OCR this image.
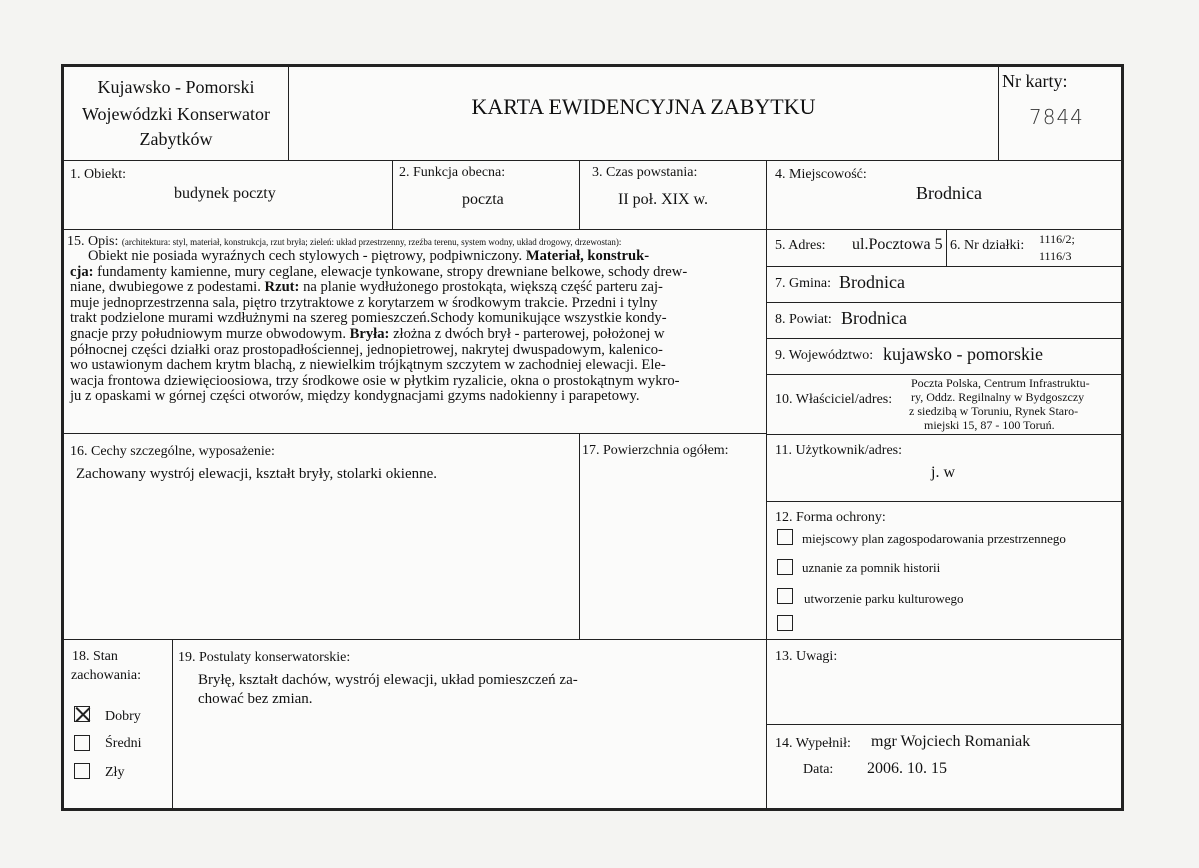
Kujawsko - Pomorski
Wojewódzki Konserwator
Zabytków
KARTA EWIDENCYJNA ZABYTKU
Nr karty:
7844
1. Obiekt:
budynek poczty
2. Funkcja obecna:
poczta
3. Czas powstania:
II poł. XIX w.
4. Miejscowość:
Brodnica
15. Opis: (architektura: styl, materiał, konstrukcja, rzut bryła; zieleń: układ przestrzenny, rzeźba terenu, system wodny, układ drogowy, drzewostan):
Obiekt nie posiada wyraźnych cech stylowych - piętrowy, podpiwniczony. Materiał, konstruk-
cja: fundamenty kamienne, mury ceglane, elewacje tynkowane, stropy drewniane belkowe, schody drew-
niane, dwubiegowe z podestami. Rzut: na planie wydłużonego prostokąta, większą część parteru zaj-
muje jednoprzestrzenna sala, piętro trzytraktowe z korytarzem w środkowym trakcie. Przedni i tylny
trakt podzielone murami wzdłużnymi na szereg pomieszczeń.Schody komunikujące wszystkie kondy-
gnacje przy południowym murze obwodowym. Bryła: złożna z dwóch brył - parterowej, położonej w
północnej części działki oraz prostopadłościennej, jednopietrowej, nakrytej dwuspadowym, kalenico-
wo ustawionym dachem krytm blachą, z niewielkim trójkątnym szczytem w zachodniej elewacji. Ele-
wacja frontowa dziewięcioosiowa, trzy środkowe osie w płytkim ryzalicie, okna o prostokątnym wykro-
ju z opaskami w górnej części otworów, między kondygnacjami gzyms nadokienny i parapetowy.
5. Adres: ul.Pocztowa 5 6. Nr działki: 1116/2;
1116/3
7. Gmina: Brodnica
8. Powiat: Brodnica
9. Województwo: kujawsko - pomorskie
10. Właściciel/adres:
Poczta Polska, Centrum Infrastruktu-
ry, Oddz. Regilnalny w Bydgoszczy
z siedzibą w Toruniu, Rynek Staro-
miejski 15, 87 - 100 Toruń.
16. Cechy szczególne, wyposażenie:
Zachowany wystrój elewacji, kształt bryły, stolarki okienne.
17. Powierzchnia ogółem:	11. Użytkownik/adres:
j. w
12. Forma ochrony:
miejscowy plan zagospodarowania przestrzennego
uznanie za pomnik historii
utworzenie parku kulturowego
18. Stan
zachowania:
Dobry
Średni
Zły
19. Postulaty konserwatorskie:
Bryłę, kształt dachów, wystrój elewacji, układ pomieszczeń za-
chować bez zmian.
13. Uwagi:
14. Wypełnił: mgr Wojciech Romaniak
Data: 2006. 10. 15
